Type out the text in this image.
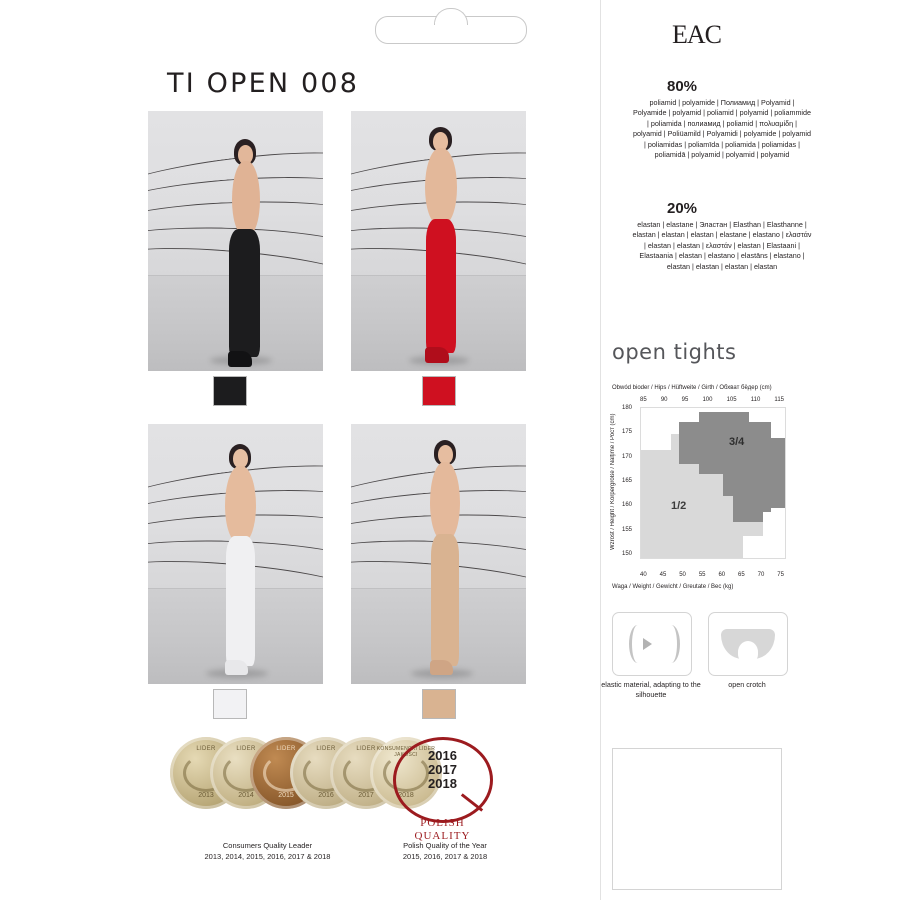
TI OPEN 008
LIDER
2013
LIDER
2014
LIDER
2015
LIDER
2016
LIDER
2017
KONSUMENCKI LIDER JAKOŚCI
2018
2016
2017
2018
POLISH
QUALITY
Consumers Quality Leader
2013, 2014, 2015, 2016, 2017 & 2018
Polish Quality of the Year
2015, 2016, 2017 & 2018
EAC
80%
poliamid | polyamide | Полиамид | Polyamid | Polyamide | polyamid | poliamid | polyamid | poliammide | poliamida | полиамид | poliamid | πολυαμίδη | polyamid | Poliüamild | Polyamidi | polyamide | polyamid | poliamidas | poliamīda | poliamida | poliamidas | poliamidā | polyamid | polyamid | polyamid
20%
elastan | elastane | Эластан | Elasthan | Elasthanne | elastan | elastan | elastan | elastane | elastano | ελαστάν | elastan | elastan | ελαστάν | elastan | Elastaani | Elastaania | elastan | elastano | elastāns | elastano | elastan | elastan | elastan | elastan
open tights
Obwód bioder / Hips / Hüftweite / Girth / Обхват бёдер (cm)
Waga / Weight / Gewicht / Greutate / Вес (kg)
Wzrost / Height / Körpergröße / Nalţime / Рост (cm)
85 90 95 100 105 110 115
180
175
170
165
160
155
150
1/2
3/4
40 45 50 55 60 65 70 75
elastic material, adapting to the silhouette
open crotch
